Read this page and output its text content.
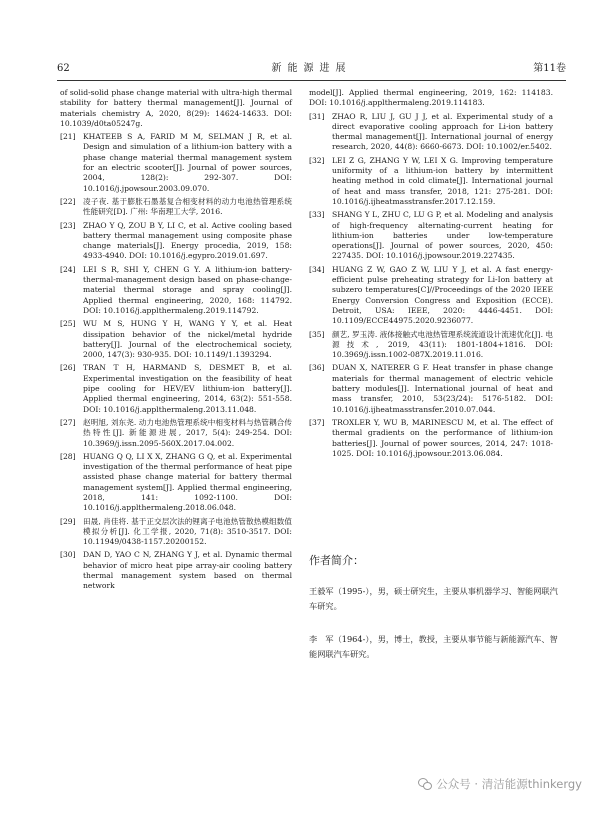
62	新能源进展	第11卷

of solid-solid phase change material with ultra-high thermal stability for battery thermal management[J]. Journal of materials chemistry A, 2020, 8(29): 14624-14633. DOI: 10.1039/d0ta05247g.

[21] KHATEEB S A, FARID M M, SELMAN J R, et al. Design and simulation of a lithium-ion battery with a phase change material thermal management system for an electric scooter[J]. Journal of power sources, 2004, 128(2): 292-307. DOI: 10.1016/j.jpowsour.2003.09.070.

[22] 凌子夜. 基于膨胀石墨基复合相变材料的动力电池热管理系统性能研究[D]. 广州: 华南理工大学, 2016.

[23] ZHAO Y Q, ZOU B Y, LI C, et al. Active cooling based battery thermal management using composite phase change materials[J]. Energy procedia, 2019, 158: 4933-4940. DOI: 10.1016/j.egypro.2019.01.697.

[24] LEI S R, SHI Y, CHEN G Y. A lithium-ion battery-thermal-management design based on phase-change-material thermal storage and spray cooling[J]. Applied thermal engineering, 2020, 168: 114792. DOI: 10.1016/j.applthermaleng.2019.114792.

[25] WU M S, HUNG Y H, WANG Y Y, et al. Heat dissipation behavior of the nickel/metal hydride battery[J]. Journal of the electrochemical society, 2000, 147(3): 930-935. DOI: 10.1149/1.1393294.

[26] TRAN T H, HARMAND S, DESMET B, et al. Experimental investigation on the feasibility of heat pipe cooling for HEV/EV lithium-ion battery[J]. Applied thermal engineering, 2014, 63(2): 551-558. DOI: 10.1016/j.applthermaleng.2013.11.048.

[27] 赵明旭, 刘东尧. 动力电池热管理系统中相变材料与热管耦合传热特性[J]. 新能源进展, 2017, 5(4): 249-254. DOI: 10.3969/j.issn.2095-560X.2017.04.002.

[28] HUANG Q Q, LI X X, ZHANG G Q, et al. Experimental investigation of the thermal performance of heat pipe assisted phase change material for battery thermal management system[J]. Applied thermal engineering, 2018, 141: 1092-1100. DOI: 10.1016/j.applthermaleng.2018.06.048.

[29] 田晟, 肖佳将. 基于正交层次法的锂离子电池热管散热模组数值模拟分析[J]. 化工学报, 2020, 71(8): 3510-3517. DOI: 10.11949/0438-1157.20200152.

[30] DAN D, YAO C N, ZHANG Y J, et al. Dynamic thermal behavior of micro heat pipe array-air cooling battery thermal management system based on thermal network

model[J]. Applied thermal engineering, 2019, 162: 114183. DOI: 10.1016/j.applthermaleng.2019.114183.

[31] ZHAO R, LIU J, GU J J, et al. Experimental study of a direct evaporative cooling approach for Li-ion battery thermal management[J]. International journal of energy research, 2020, 44(8): 6660-6673. DOI: 10.1002/er.5402.

[32] LEI Z G, ZHANG Y W, LEI X G. Improving temperature uniformity of a lithium-ion battery by intermittent heating method in cold climate[J]. International journal of heat and mass transfer, 2018, 121: 275-281. DOI: 10.1016/j.ijheatmasstransfer.2017.12.159.

[33] SHANG Y L, ZHU C, LU G P, et al. Modeling and analysis of high-frequency alternating-current heating for lithium-ion batteries under low-temperature operations[J]. Journal of power sources, 2020, 450: 227435. DOI: 10.1016/j.jpowsour.2019.227435.

[34] HUANG Z W, GAO Z W, LIU Y J, et al. A fast energy-efficient pulse preheating strategy for Li-Ion battery at subzero temperatures[C]//Proceedings of the 2020 IEEE Energy Conversion Congress and Exposition (ECCE). Detroit, USA: IEEE, 2020: 4446-4451. DOI: 10.1109/ECCE44975.2020.9236077.

[35] 颜艺, 罗玉涛. 液体接触式电池热管理系统流道设计流速优化[J]. 电源技术, 2019, 43(11): 1801-1804+1816. DOI: 10.3969/j.issn.1002-087X.2019.11.016.

[36] DUAN X, NATERER G F. Heat transfer in phase change materials for thermal management of electric vehicle battery modules[J]. International journal of heat and mass transfer, 2010, 53(23/24): 5176-5182. DOI: 10.1016/j.ijheatmasstransfer.2010.07.044.

[37] TROXLER Y, WU B, MARINESCU M, et al. The effect of thermal gradients on the performance of lithium-ion batteries[J]. Journal of power sources, 2014, 247: 1018-1025. DOI: 10.1016/j.jpowsour.2013.06.084.

作者简介：
王毅军（1995-），男，硕士研究生，主要从事机器学习、智能网联汽车研究。
李　军（1964-），男，博士，教授，主要从事节能与新能源汽车、智能网联汽车研究。
公众号 · 清洁能源thinkergy
